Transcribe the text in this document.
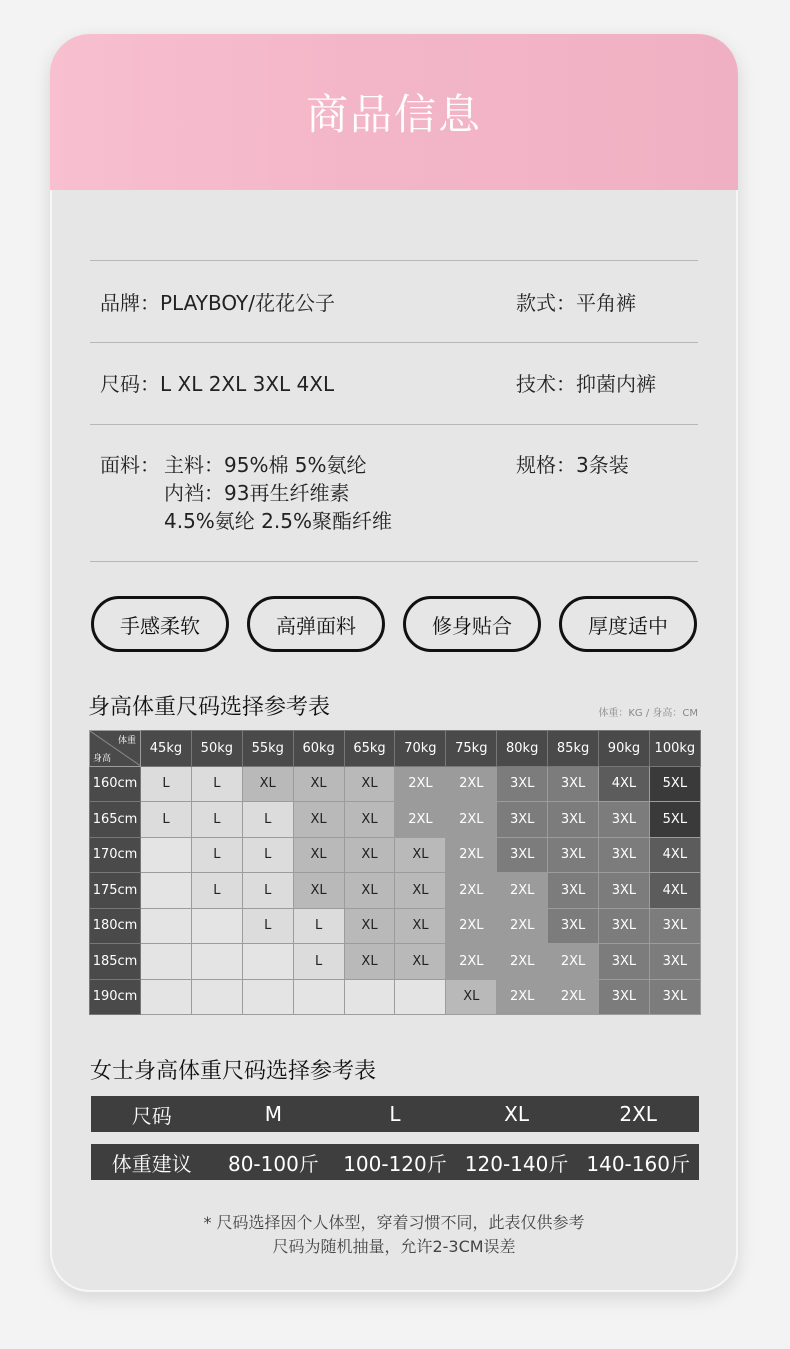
商品信息
品牌：PLAYBOY/花花公子	款式：平角裤
尺码：L XL 2XL 3XL 4XL	技术：抑菌内裤
面料： 主料：95%棉 5%氨纶
内裆：93再生纤维素
4.5%氨纶 2.5%聚酯纤维
规格：3条装
手感柔软	高弹面料	修身贴合	厚度适中
身高体重尺码选择参考表	体重：KG / 身高：CM
体重
身高	45kg	50kg	55kg	60kg	65kg	70kg	75kg	80kg	85kg	90kg	100kg
160cm	L	L	XL	XL	XL	2XL	2XL	3XL	3XL	4XL	5XL
165cm	L	L	L	XL	XL	2XL	2XL	3XL	3XL	3XL	5XL
170cm		L	L	XL	XL	XL	2XL	3XL	3XL	3XL	4XL
175cm		L	L	XL	XL	XL	2XL	2XL	3XL	3XL	4XL
180cm			L	L	XL	XL	2XL	2XL	3XL	3XL	3XL
185cm				L	XL	XL	2XL	2XL	2XL	3XL	3XL
190cm							XL	2XL	2XL	3XL	3XL
女士身高体重尺码选择参考表
尺码	M	L	XL	2XL
体重建议	80-100斤	100-120斤 120-140斤 140-160斤
* 尺码选择因个人体型，穿着习惯不同，此表仅供参考
尺码为随机抽量，允许2-3CM误差
